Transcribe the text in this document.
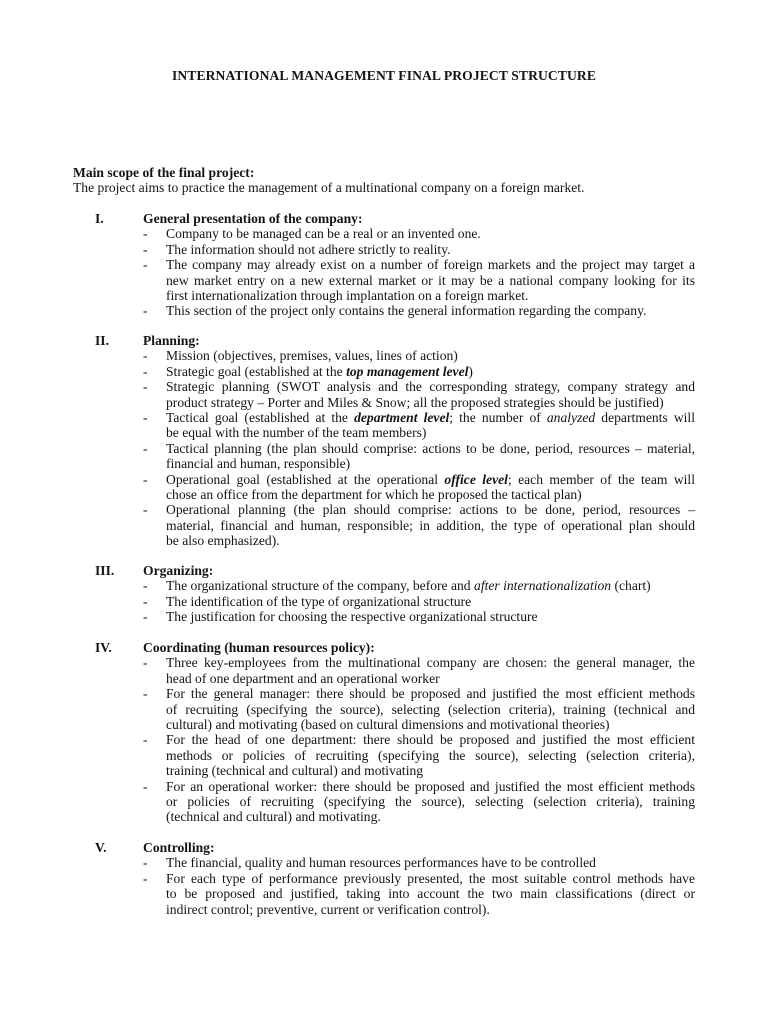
INTERNATIONAL MANAGEMENT FINAL PROJECT STRUCTURE
Main scope of the final project:
The project aims to practice the management of a multinational company on a foreign market.
I.	General presentation of the company:
- Company to be managed can be a real or an invented one.
- The information should not adhere strictly to reality.
- The company may already exist on a number of foreign markets and the project may target a
new market entry on a new external market or it may be a national company looking for its
first internationalization through implantation on a foreign market.
- This section of the project only contains the general information regarding the company.
II.	Planning:
- Mission (objectives, premises, values, lines of action)
- Strategic goal (established at the top management level)
- Strategic planning (SWOT analysis and the corresponding strategy, company strategy and
product strategy – Porter and Miles & Snow; all the proposed strategies should be justified)
- Tactical goal (established at the department level; the number of analyzed departments will
be equal with the number of the team members)
- Tactical planning (the plan should comprise: actions to be done, period, resources – material,
financial and human, responsible)
- Operational goal (established at the operational office level; each member of the team will
chose an office from the department for which he proposed the tactical plan)
- Operational planning (the plan should comprise: actions to be done, period, resources –
material, financial and human, responsible; in addition, the type of operational plan should
be also emphasized).
III. Organizing:
- The organizational structure of the company, before and after internationalization (chart)
- The identification of the type of organizational structure
- The justification for choosing the respective organizational structure
IV. Coordinating (human resources policy):
- Three key-employees from the multinational company are chosen: the general manager, the
head of one department and an operational worker
- For the general manager: there should be proposed and justified the most efficient methods
of recruiting (specifying the source), selecting (selection criteria), training (technical and
cultural) and motivating (based on cultural dimensions and motivational theories)
- For the head of one department: there should be proposed and justified the most efficient
methods or policies of recruiting (specifying the source), selecting (selection criteria),
training (technical and cultural) and motivating
- For an operational worker: there should be proposed and justified the most efficient methods
or policies of recruiting (specifying the source), selecting (selection criteria), training
(technical and cultural) and motivating.
V.	Controlling:
- The financial, quality and human resources performances have to be controlled
- For each type of performance previously presented, the most suitable control methods have
to be proposed and justified, taking into account the two main classifications (direct or
indirect control; preventive, current or verification control).
